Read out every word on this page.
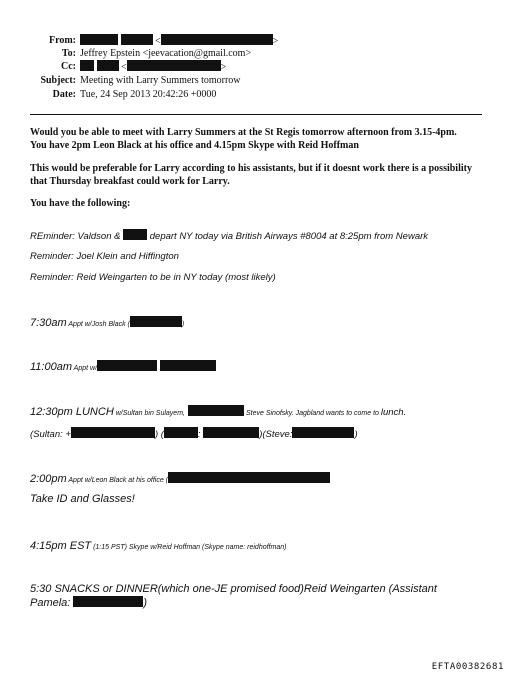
From:	<	>
To: Jeffrey Epstein <jeevacation@gmail.com>
Cc:	<	>
Subject: Meeting with Larry Summers tomorrow
Date: Tue, 24 Sep 2013 20:42:26 +0000
Would you be able to meet with Larry Summers at the St Regis tomorrow afternoon from 3.15-4pm.
You have 2pm Leon Black at his office and 4.15pm Skype with Reid Hoffman
This would be preferable for Larry according to his assistants, but if it doesnt work there is a possibility
that Thursday breakfast could work for Larry.
You have the following:
REminder: Valdson &	depart NY today via British Airways #8004 at 8:25pm from Newark
Reminder: Joel Klein and Hiffington
Reminder: Reid Weingarten to be in NY today (most likely)
7:30am Appt w/Josh Black (	)
11:00am Appt w/
12:30pm LUNCH w/Sultan bin Sulayem,	Steve Sinofsky. Jagbland wants to come to lunch.
(Sultan: +	) (	:	)(Steve:	)
2:00pm Appt w/Leon Black at his office (
Take ID and Glasses!
4:15pm EST (1:15 PST) Skype w/Reid Hoffman (Skype name: reidhoffman)
5:30 SNACKS or DINNER(which one-JE promised food)Reid Weingarten (Assistant
Pamela:	)
EFTA00382681
